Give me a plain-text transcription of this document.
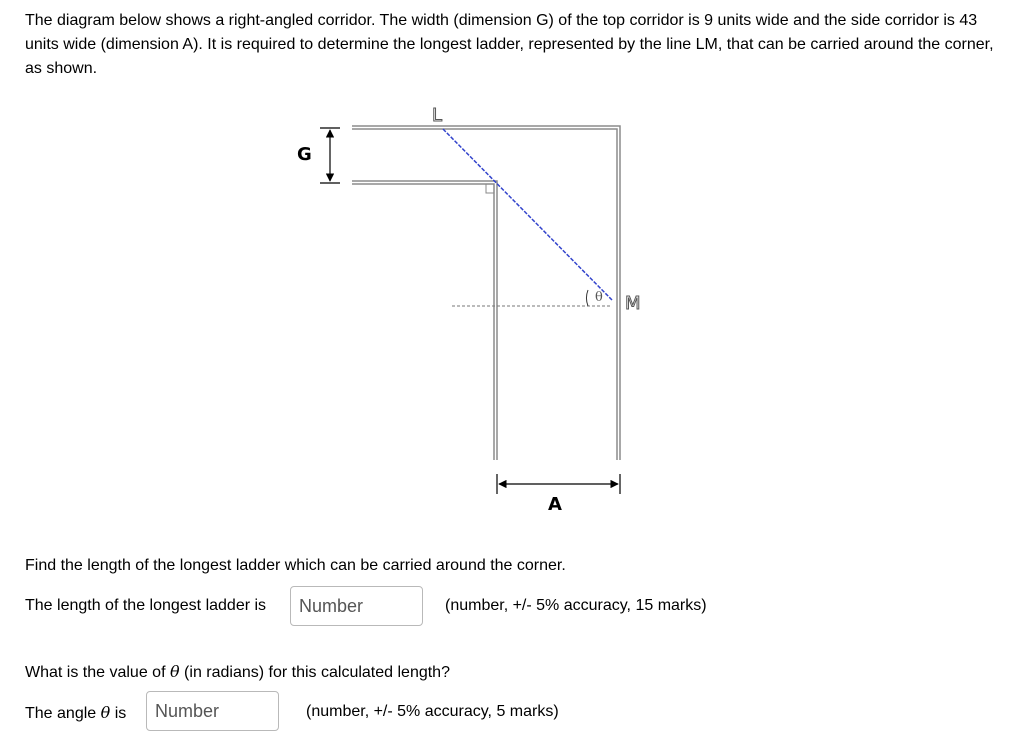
The diagram below shows a right-angled corridor. The width (dimension G) of the top corridor is 9 units wide and the side corridor is 43 units wide (dimension A). It is required to determine the longest ladder, represented by the line LM, that can be carried around the corner, as shown.

θ
L
M
G
A

Find the length of the longest ladder which can be carried around the corner.

The length of the longest ladder is
Number	(number, +/- 5% accuracy, 15 marks)

What is the value of θ (in radians) for this calculated length?

The angle θ is
Number	(number, +/- 5% accuracy, 5 marks)
